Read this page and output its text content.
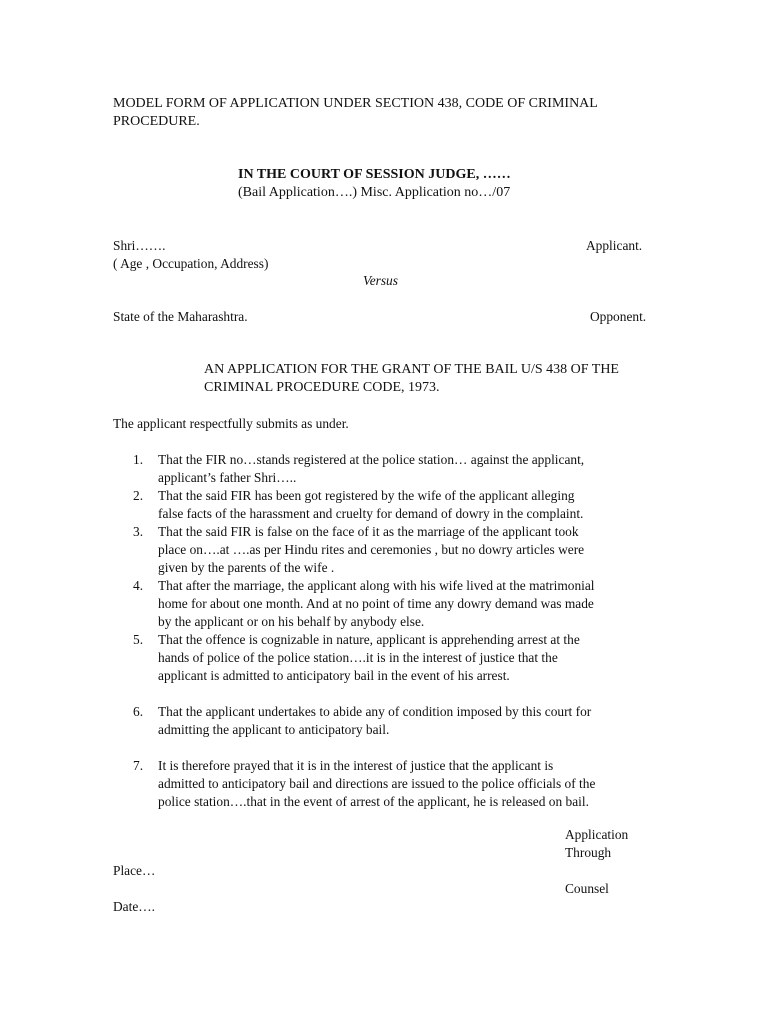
MODEL FORM OF APPLICATION UNDER SECTION 438, CODE OF CRIMINAL
PROCEDURE.
IN THE COURT OF SESSION JUDGE, ……
(Bail Application….) Misc. Application no…/07
Shri…….	Applicant.
( Age , Occupation, Address)
Versus
State of the Maharashtra.	Opponent.
AN APPLICATION FOR THE GRANT OF THE BAIL U/S 438 OF THE
CRIMINAL PROCEDURE CODE, 1973.
The applicant respectfully submits as under.
1. That the FIR no…stands registered at the police station… against the applicant,
applicant’s father Shri…..
2. That the said FIR has been got registered by the wife of the applicant alleging
false facts of the harassment and cruelty for demand of dowry in the complaint.
3. That the said FIR is false on the face of it as the marriage of the applicant took
place on….at ….as per Hindu rites and ceremonies , but no dowry articles were
given by the parents of the wife .
4. That after the marriage, the applicant along with his wife lived at the matrimonial
home for about one month. And at no point of time any dowry demand was made
by the applicant or on his behalf by anybody else.
5. That the offence is cognizable in nature, applicant is apprehending arrest at the
hands of police of the police station….it is in the interest of justice that the
applicant is admitted to anticipatory bail in the event of his arrest.
6. That the applicant undertakes to abide any of condition imposed by this court for
admitting the applicant to anticipatory bail.
7. It is therefore prayed that it is in the interest of justice that the applicant is
admitted to anticipatory bail and directions are issued to the police officials of the
police station….that in the event of arrest of the applicant, he is released on bail.
Application
Through
Place…
Counsel
Date….
